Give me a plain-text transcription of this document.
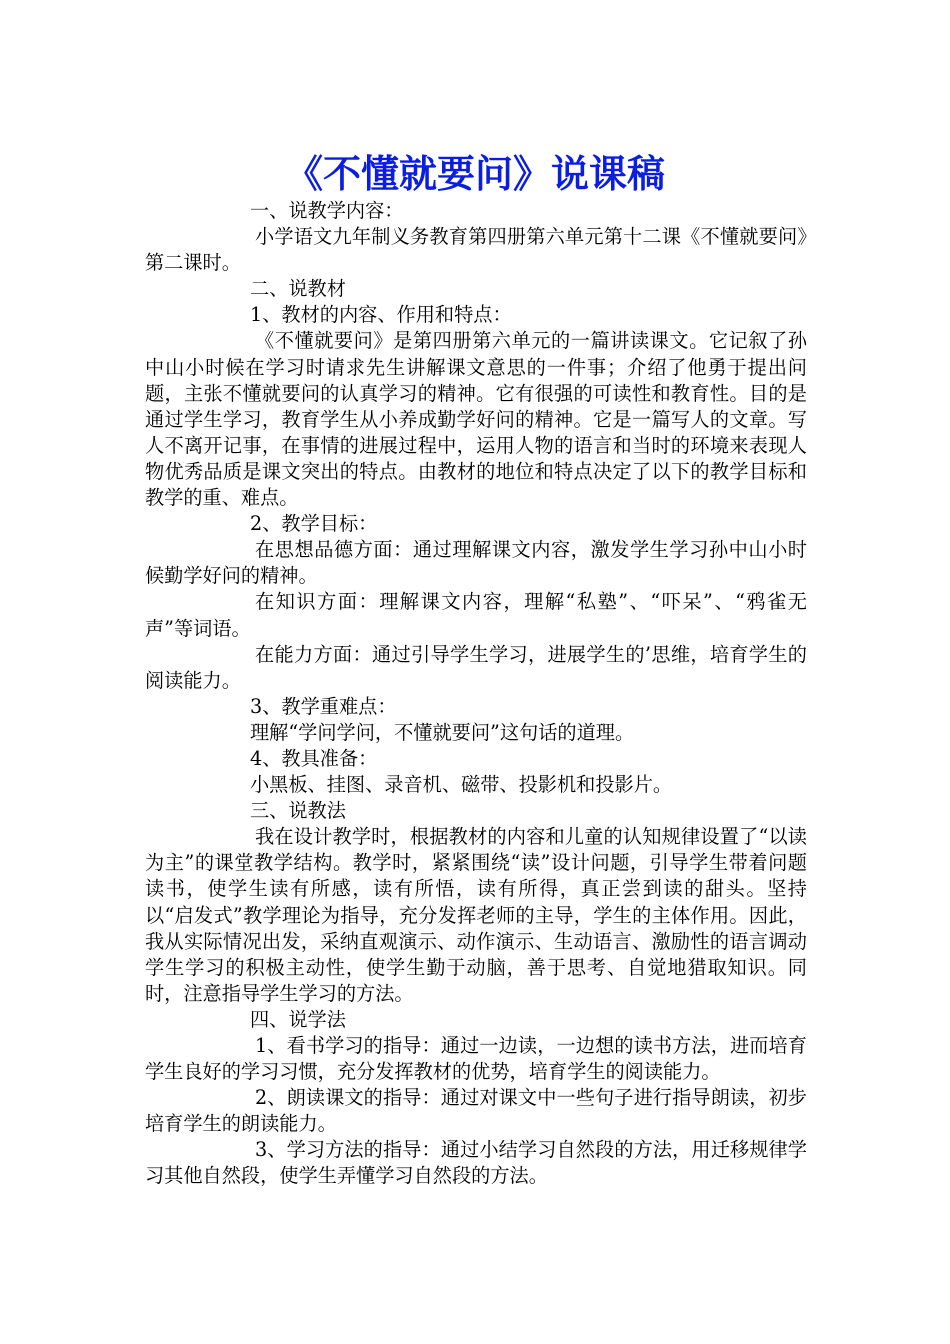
《不懂就要问》说课稿

一、说教学内容：

小学语文九年制义务教育第四册第六单元第十二课《不懂就要问》第二课时。

二、说教材

1、教材的内容、作用和特点：

《不懂就要问》是第四册第六单元的一篇讲读课文。它记叙了孙中山小时候在学习时请求先生讲解课文意思的一件事；介绍了他勇于提出问题，主张不懂就要问的认真学习的精神。它有很强的可读性和教育性。目的是通过学生学习，教育学生从小养成勤学好问的精神。它是一篇写人的文章。写人不离开记事，在事情的进展过程中，运用人物的语言和当时的环境来表现人物优秀品质是课文突出的特点。由教材的地位和特点决定了以下的教学目标和教学的重、难点。

2、教学目标：

在思想品德方面：通过理解课文内容，激发学生学习孙中山小时候勤学好问的精神。

在知识方面：理解课文内容，理解“私塾”、“吓呆”、“鸦雀无声”等词语。

在能力方面：通过引导学生学习，进展学生的’思维，培育学生的阅读能力。

3、教学重难点：

理解“学问学问，不懂就要问”这句话的道理。

4、教具准备：

小黑板、挂图、录音机、磁带、投影机和投影片。

三、说教法

我在设计教学时，根据教材的内容和儿童的认知规律设置了“以读为主”的课堂教学结构。教学时，紧紧围绕“读”设计问题，引导学生带着问题读书，使学生读有所感，读有所悟，读有所得，真正尝到读的甜头。坚持以“启发式”教学理论为指导，充分发挥老师的主导，学生的主体作用。因此，我从实际情况出发，采纳直观演示、动作演示、生动语言、激励性的语言调动学生学习的积极主动性，使学生勤于动脑，善于思考、自觉地猎取知识。同时，注意指导学生学习的方法。

四、说学法

1、看书学习的指导：通过一边读，一边想的读书方法，进而培育学生良好的学习习惯，充分发挥教材的优势，培育学生的阅读能力。

2、朗读课文的指导：通过对课文中一些句子进行指导朗读，初步培育学生的朗读能力。

3、学习方法的指导：通过小结学习自然段的方法，用迁移规律学习其他自然段，使学生弄懂学习自然段的方法。
